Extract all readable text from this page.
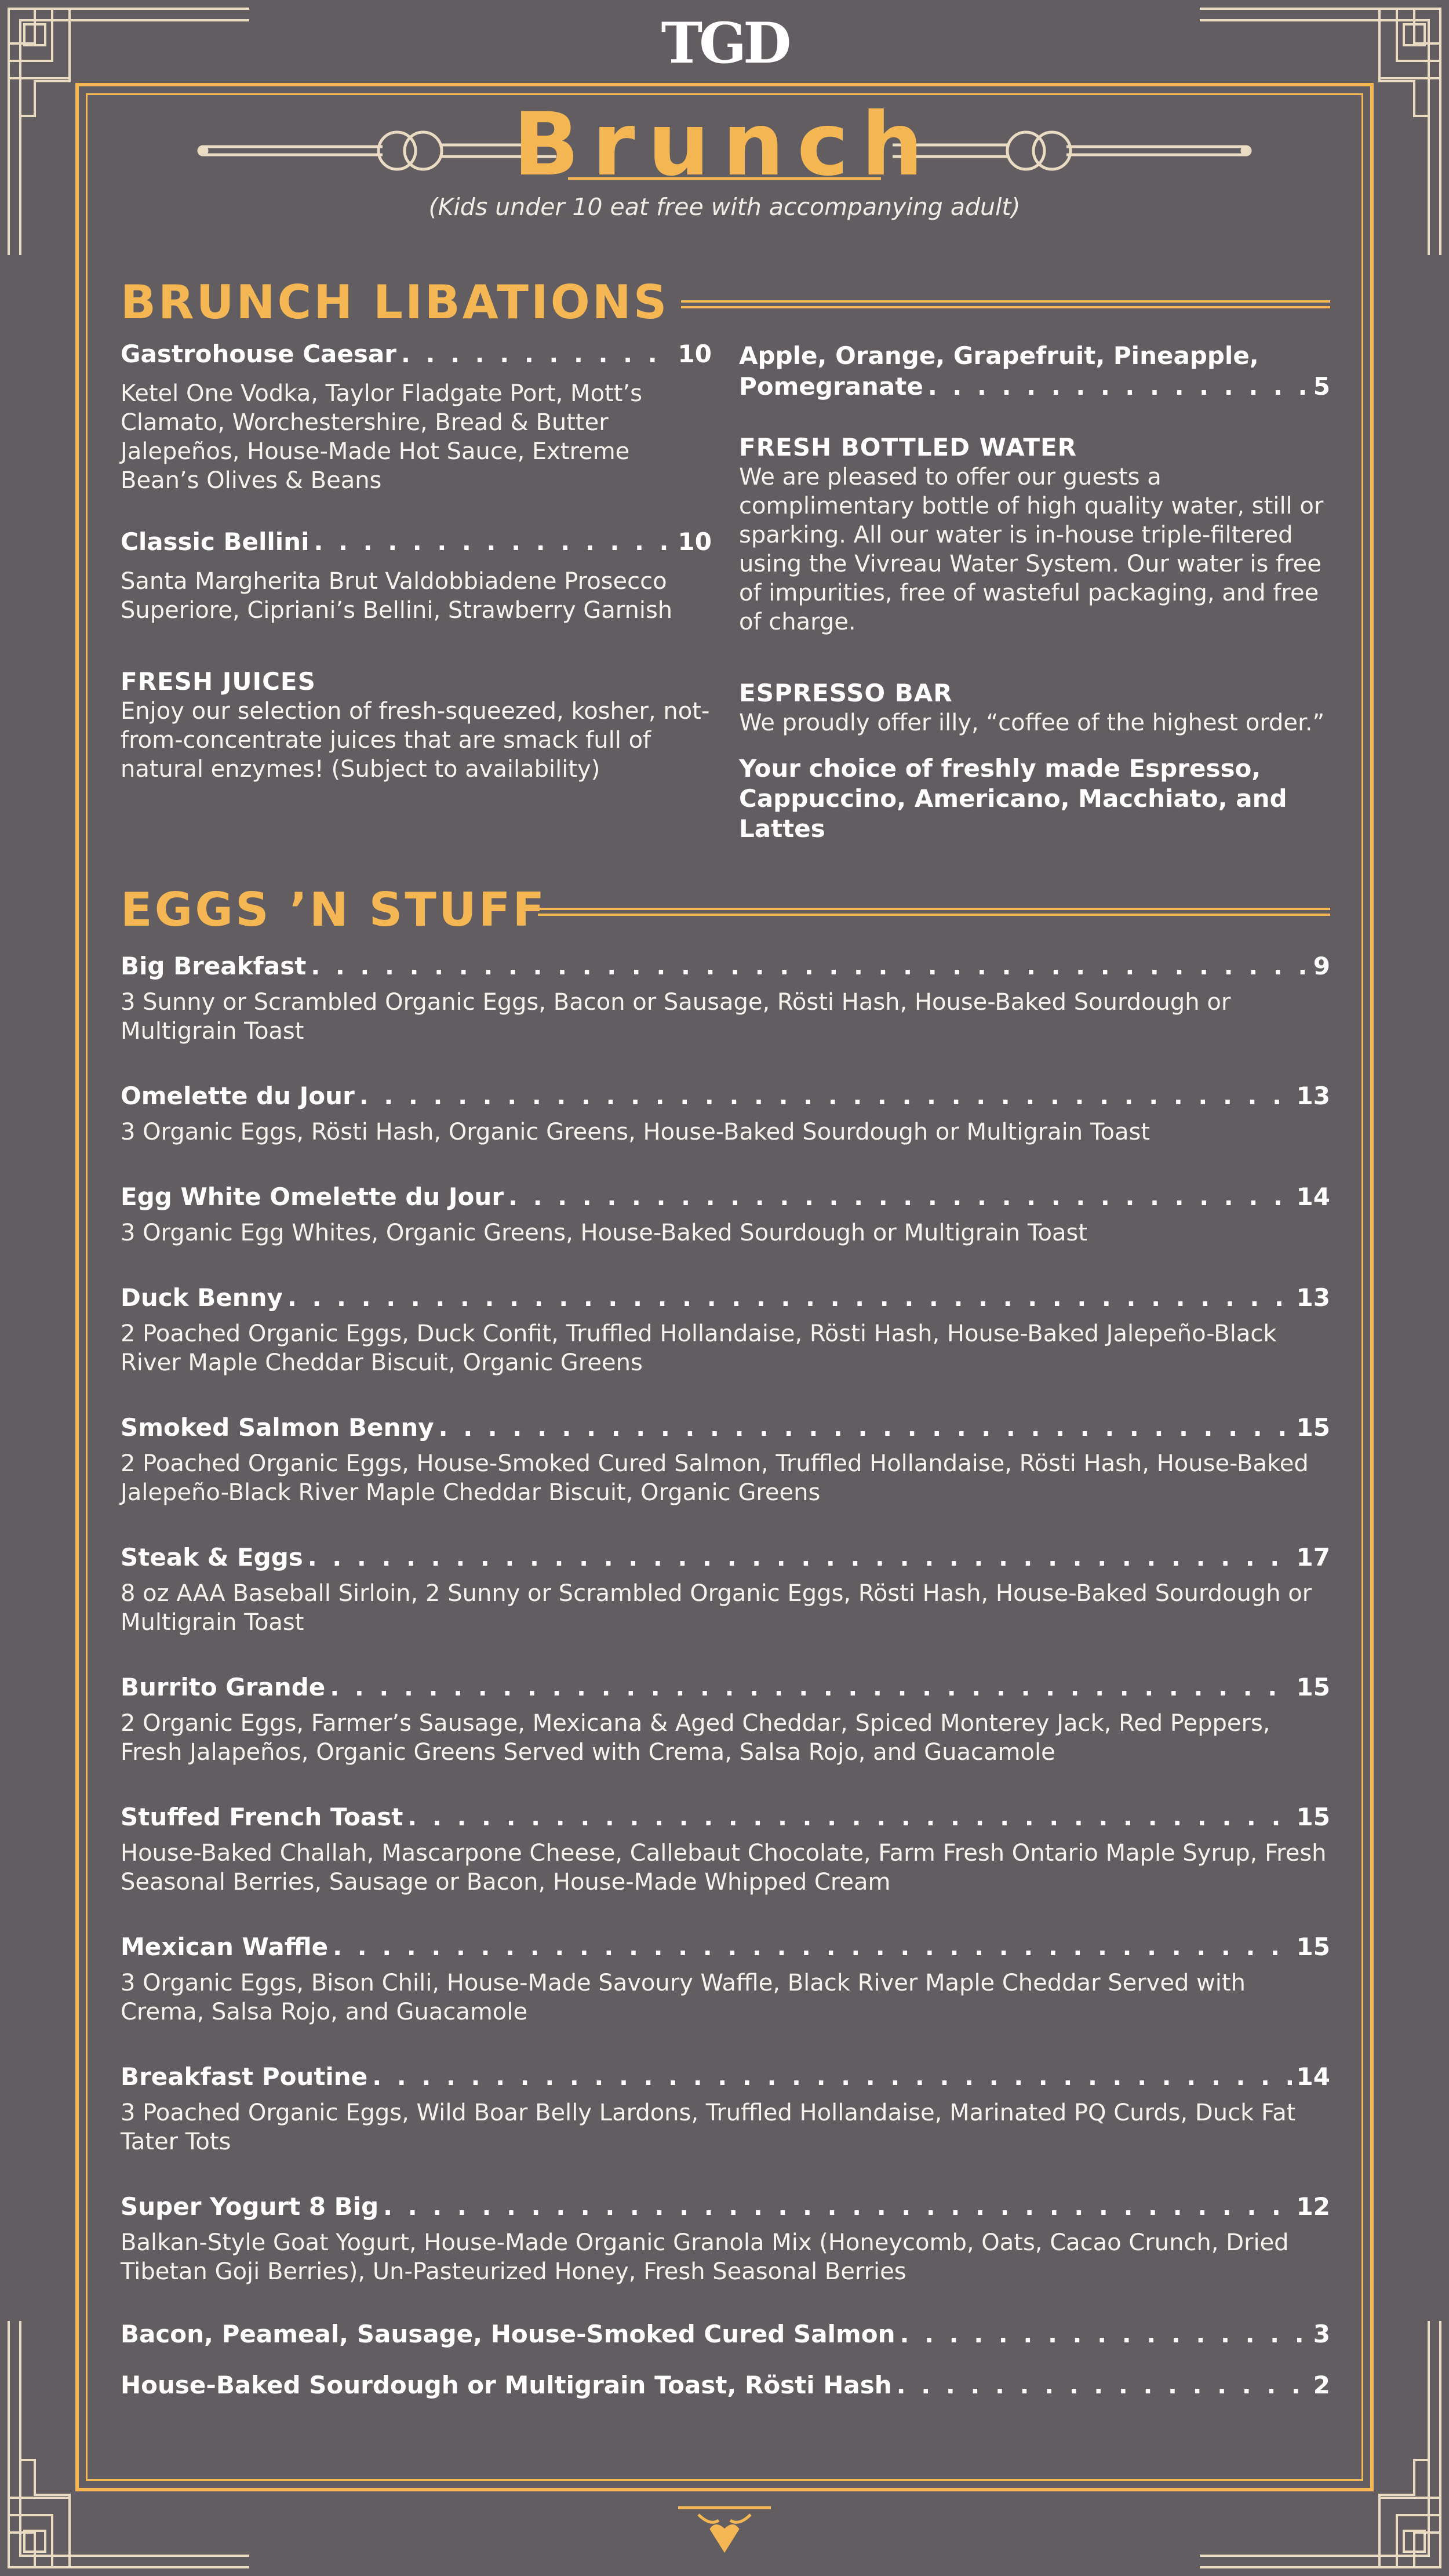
TGD
Brunch
(Kids under 10 eat free with accompanying adult)
BRUNCH LIBATIONS
Gastrohouse Caesar . . .	10
Ketel One Vodka, Taylor Fladgate Port, Mott’s Clamato, Worchestershire, Bread & Butter Jalepeños, House-Made Hot Sauce, Extreme Bean’s Olives & Beans
Classic Bellini . . .	10
Santa Margherita Brut Valdobbiadene Prosecco Superiore, Cipriani’s Bellini, Strawberry Garnish
FRESH JUICES
Enjoy our selection of fresh-squeezed, kosher, not-from-concentrate juices that are smack full of natural enzymes! (Subject to availability)
Apple, Orange, Grapefruit, Pineapple,
Pomegranate . . .	5
FRESH BOTTLED WATER
We are pleased to offer our guests a complimentary bottle of high quality water, still or sparking. All our water is in-house triple-filtered using the Vivreau Water System. Our water is free of impurities, free of wasteful packaging, and free of charge.
ESPRESSO BAR
We proudly offer illy, “coffee of the highest order.”
Your choice of freshly made Espresso, Cappuccino, Americano, Macchiato, and Lattes
EGGS ’N STUFF
Big Breakfast . . .	9
3 Sunny or Scrambled Organic Eggs, Bacon or Sausage, Rösti Hash, House-Baked Sourdough or Multigrain Toast
Omelette du Jour . . .	13
3 Organic Eggs, Rösti Hash, Organic Greens, House-Baked Sourdough or Multigrain Toast
Egg White Omelette du Jour . . .	14
3 Organic Egg Whites, Organic Greens, House-Baked Sourdough or Multigrain Toast
Duck Benny . . .	13
2 Poached Organic Eggs, Duck Confit, Truffled Hollandaise, Rösti Hash, House-Baked Jalepeño-Black River Maple Cheddar Biscuit, Organic Greens
Smoked Salmon Benny . . .	15
2 Poached Organic Eggs, House-Smoked Cured Salmon, Truffled Hollandaise, Rösti Hash, House-Baked Jalepeño-Black River Maple Cheddar Biscuit, Organic Greens
Steak & Eggs . . .	17
8 oz AAA Baseball Sirloin, 2 Sunny or Scrambled Organic Eggs, Rösti Hash, House-Baked Sourdough or Multigrain Toast
Burrito Grande . . .	15
2 Organic Eggs, Farmer’s Sausage, Mexicana & Aged Cheddar, Spiced Monterey Jack, Red Peppers, Fresh Jalapeños, Organic Greens Served with Crema, Salsa Rojo, and Guacamole
Stuffed French Toast . . .	15
House-Baked Challah, Mascarpone Cheese, Callebaut Chocolate, Farm Fresh Ontario Maple Syrup, Fresh Seasonal Berries, Sausage or Bacon, House-Made Whipped Cream
Mexican Waffle . . .	15
3 Organic Eggs, Bison Chili, House-Made Savoury Waffle, Black River Maple Cheddar Served with Crema, Salsa Rojo, and Guacamole
Breakfast Poutine . . .	14
3 Poached Organic Eggs, Wild Boar Belly Lardons, Truffled Hollandaise, Marinated PQ Curds, Duck Fat Tater Tots
Super Yogurt 8 Big . . .	12
Balkan-Style Goat Yogurt, House-Made Organic Granola Mix (Honeycomb, Oats, Cacao Crunch, Dried Tibetan Goji Berries), Un-Pasteurized Honey, Fresh Seasonal Berries
Bacon, Peameal, Sausage, House-Smoked Cured Salmon . . .	3
House-Baked Sourdough or Multigrain Toast, Rösti Hash . . .	2
